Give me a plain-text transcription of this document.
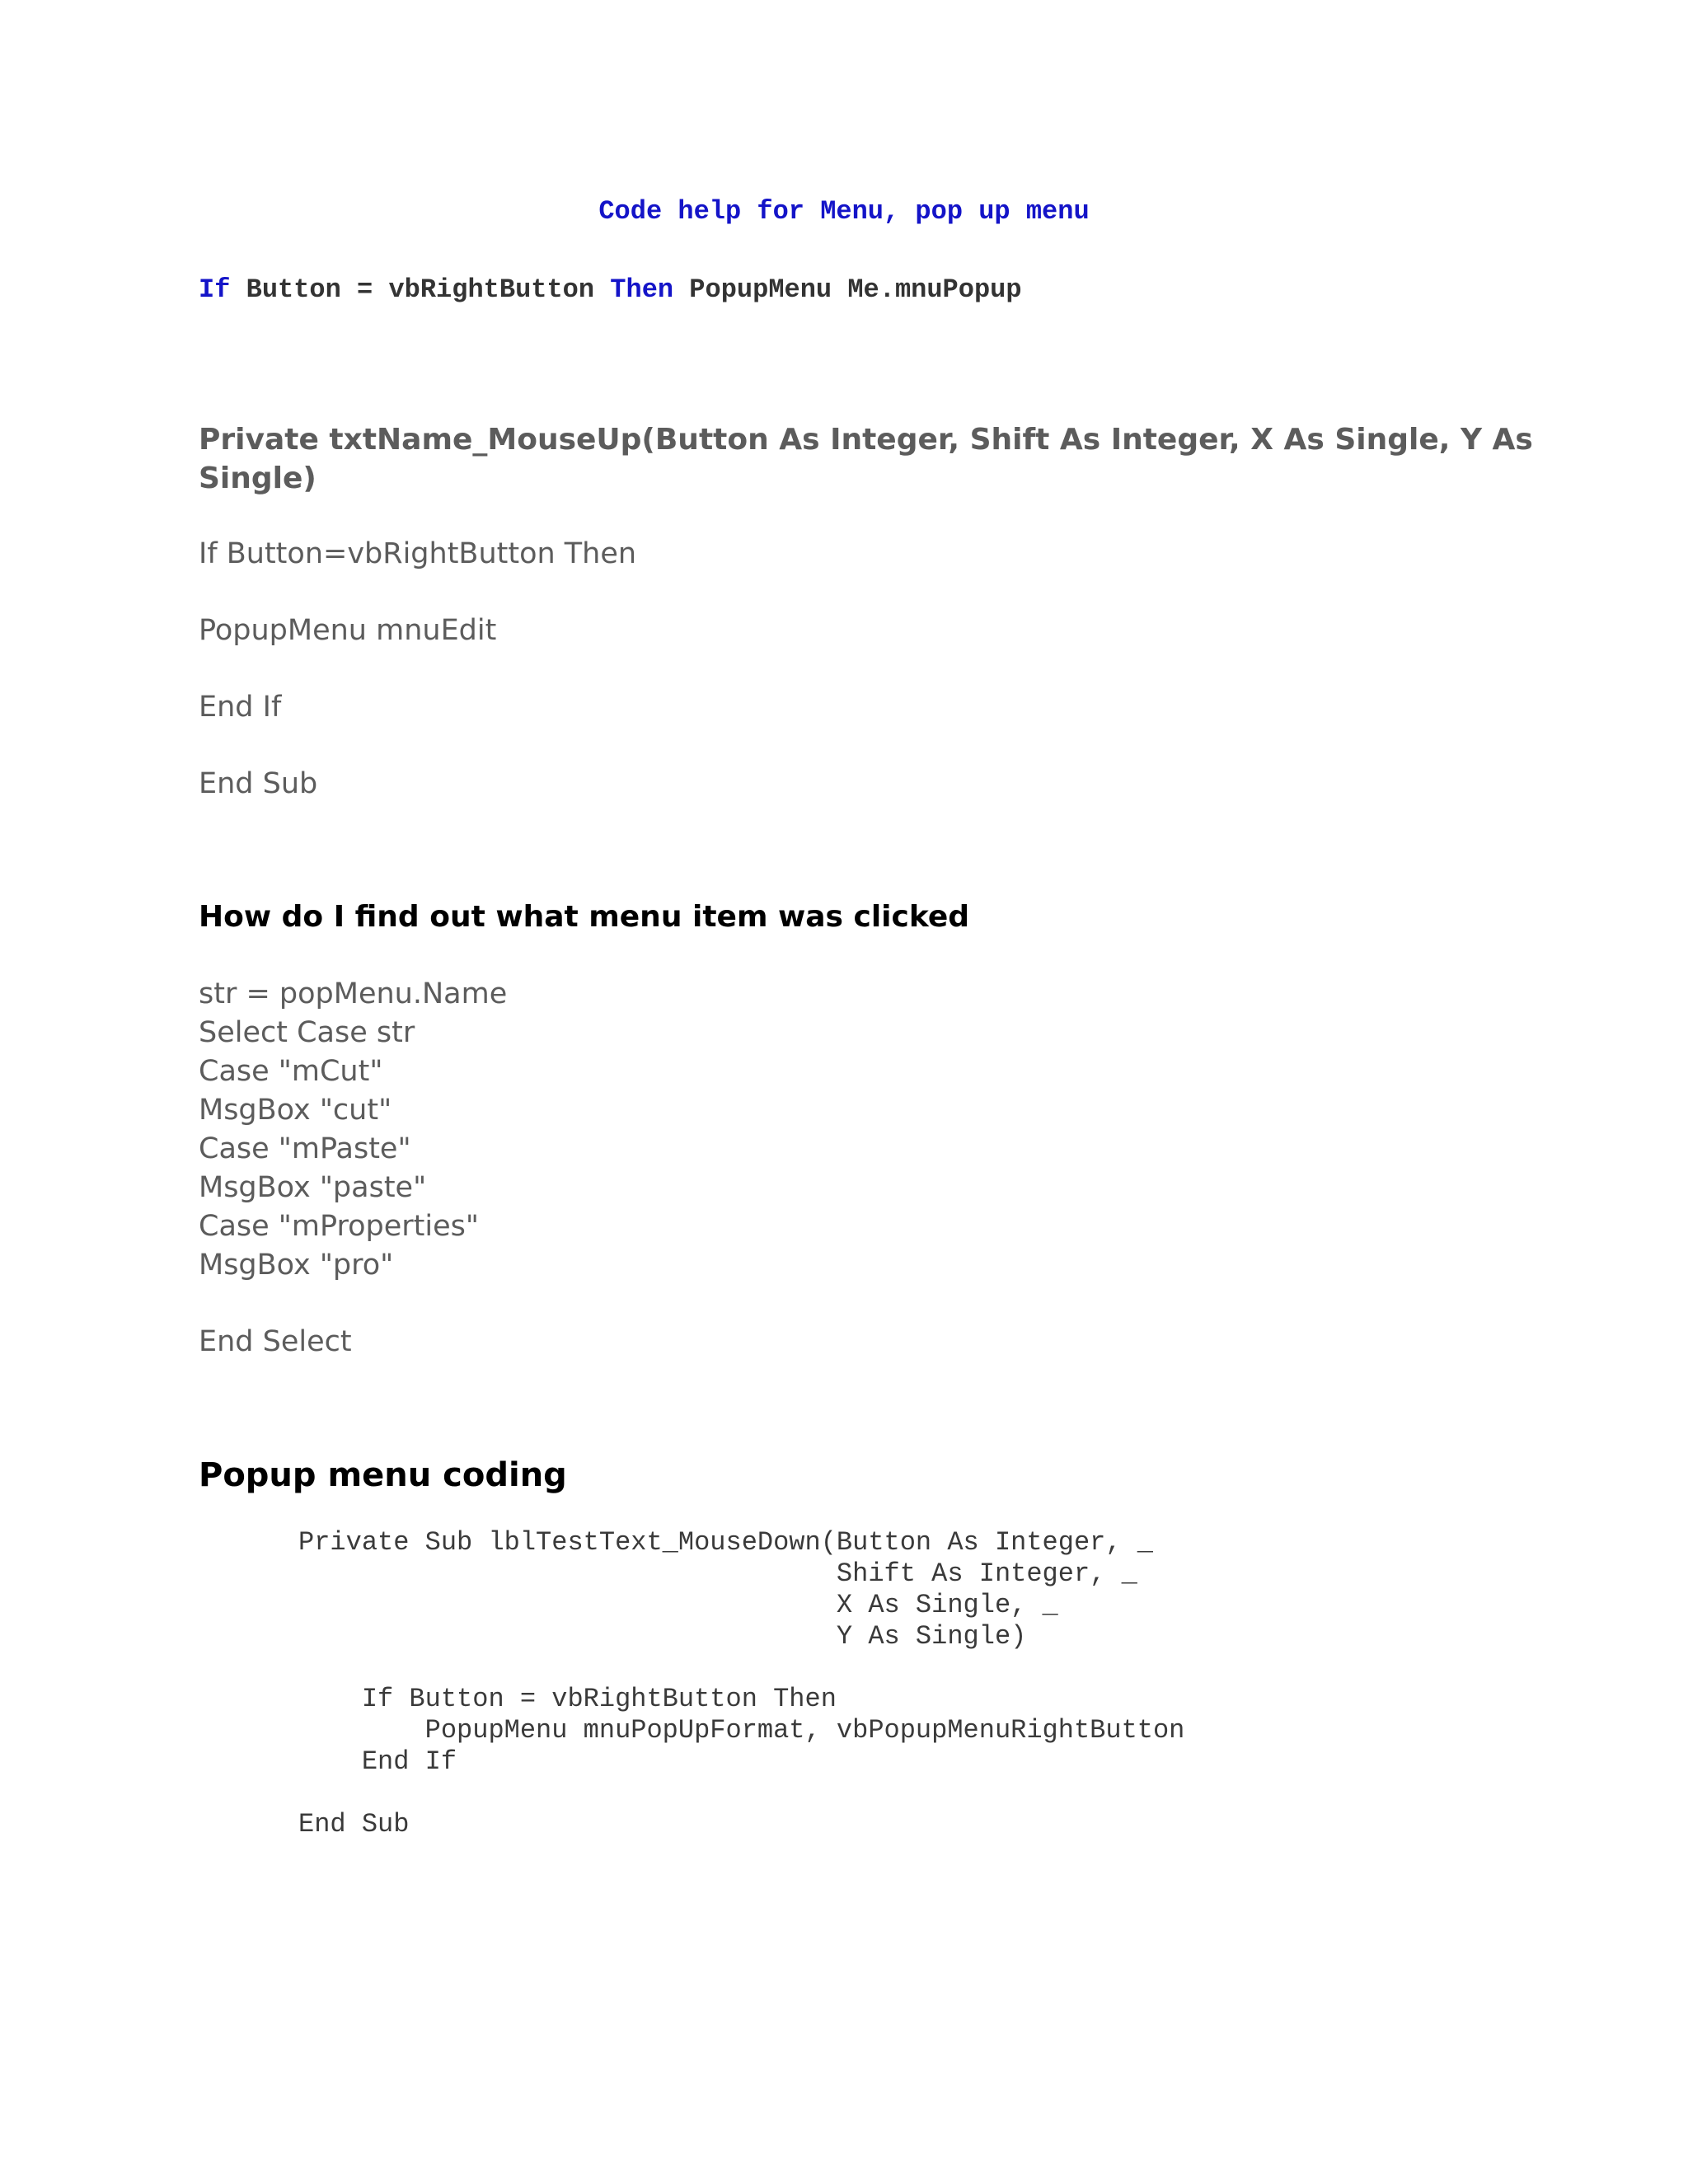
Code help for Menu, pop up menu
If Button = vbRightButton Then PopupMenu Me.mnuPopup
Private txtName_MouseUp(Button As Integer, Shift As Integer, X As Single, Y As
Single)
If Button=vbRightButton Then
PopupMenu mnuEdit
End If
End Sub
How do I find out what menu item was clicked
str = popMenu.Name
Select Case str
Case "mCut"
MsgBox "cut"
Case "mPaste"
MsgBox "paste"
Case "mProperties"
MsgBox "pro"
End Select
Popup menu coding
Private Sub lblTestText_MouseDown(Button As Integer, _
Shift As Integer, _
X As Single, _
Y As Single)
If Button = vbRightButton Then
PopupMenu mnuPopUpFormat, vbPopupMenuRightButton
End If
End Sub
